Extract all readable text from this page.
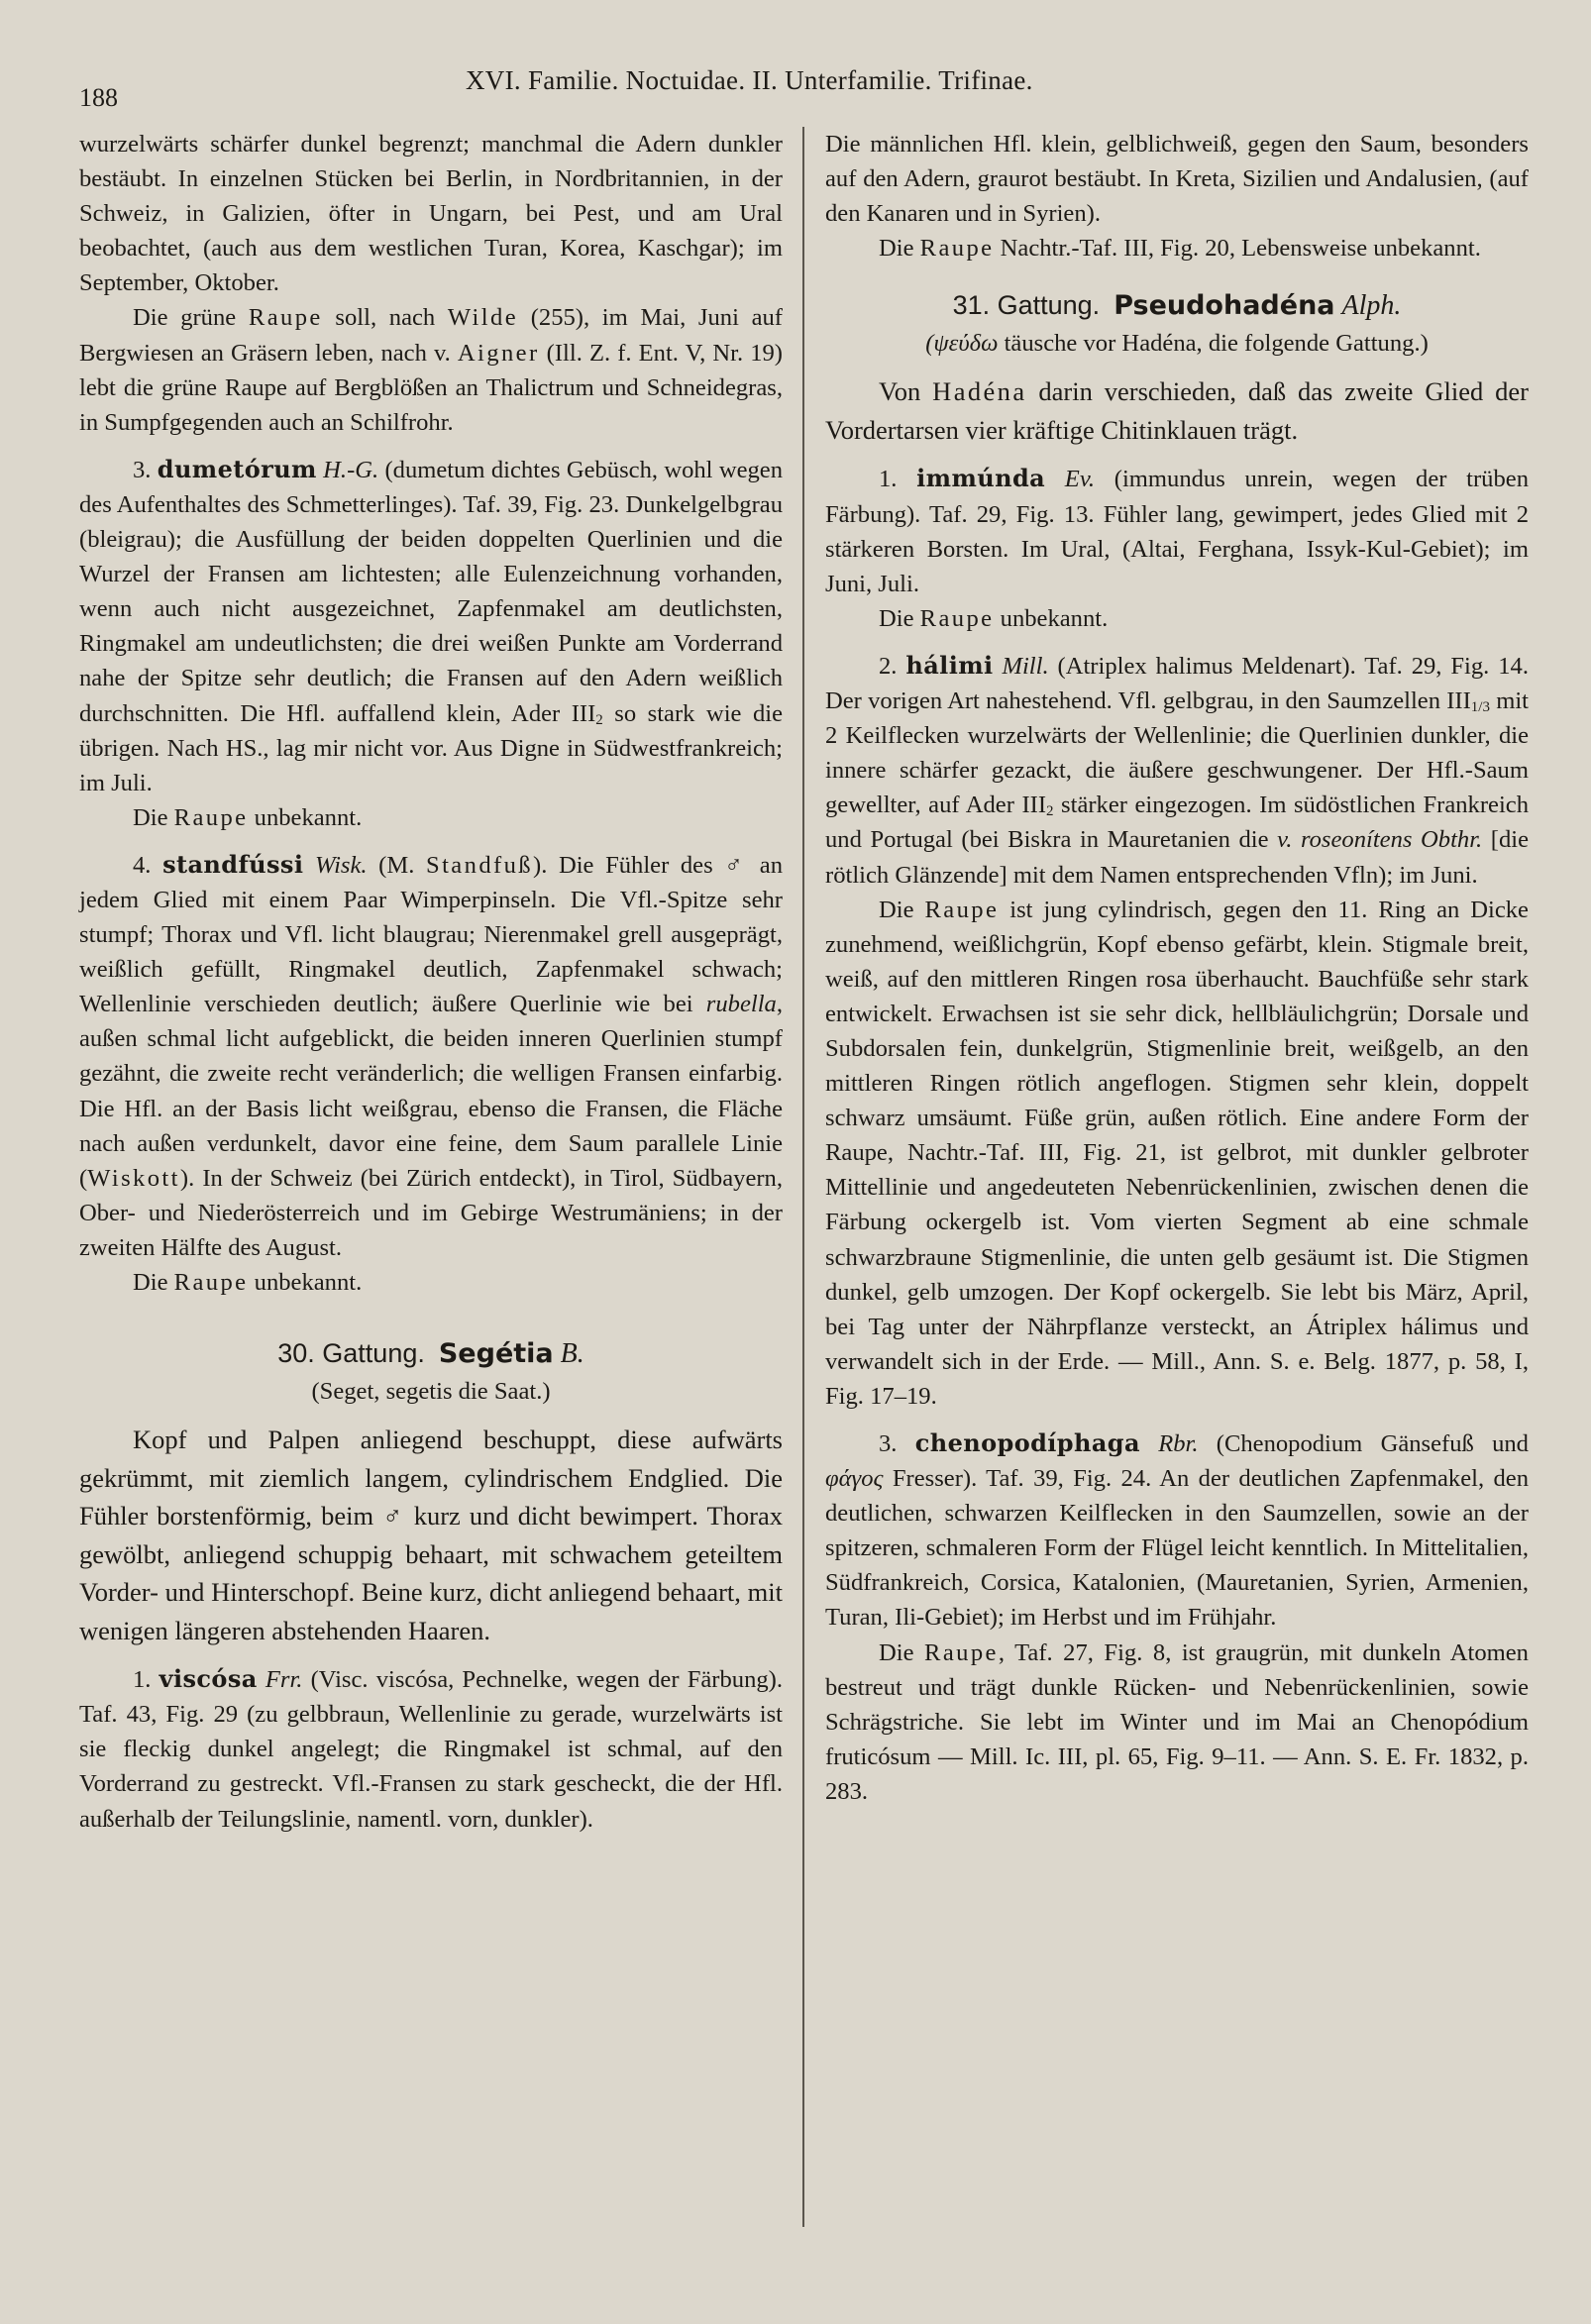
188
XVI. Familie. Noctuidae. II. Unterfamilie. Trifinae.

wurzelwärts schärfer dunkel begrenzt; manchmal die Adern dunkler bestäubt. In einzelnen Stücken bei Berlin, in Nordbritannien, in der Schweiz, in Galizien, öfter in Ungarn, bei Pest, und am Ural beobachtet, (auch aus dem westlichen Turan, Korea, Kaschgar); im September, Oktober.

Die grüne Raupe soll, nach Wilde (255), im Mai, Juni auf Bergwiesen an Gräsern leben, nach v. Aigner (Ill. Z. f. Ent. V, Nr. 19) lebt die grüne Raupe auf Bergblößen an Thalictrum und Schneidegras, in Sumpfgegenden auch an Schilfrohr.

3. dumetórum H.-G. (dumetum dichtes Gebüsch, wohl wegen des Aufenthaltes des Schmetterlinges). Taf. 39, Fig. 23. Dunkelgelbgrau (bleigrau); die Ausfüllung der beiden doppelten Querlinien und die Wurzel der Fransen am lichtesten; alle Eulenzeichnung vorhanden, wenn auch nicht ausgezeichnet, Zapfenmakel am deutlichsten, Ringmakel am undeutlichsten; die drei weißen Punkte am Vorderrand nahe der Spitze sehr deutlich; die Fransen auf den Adern weißlich durchschnitten. Die Hfl. auffallend klein, Ader $III_2$ so stark wie die übrigen. Nach HS., lag mir nicht vor. Aus Digne in Südwestfrankreich; im Juli.

Die Raupe unbekannt.

4. standfússi Wisk. (M. Standfuß). Die Fühler des ♂ an jedem Glied mit einem Paar Wimperpinseln. Die Vfl.-Spitze sehr stumpf; Thorax und Vfl. licht blaugrau; Nierenmakel grell ausgeprägt, weißlich gefüllt, Ringmakel deutlich, Zapfenmakel schwach; Wellenlinie verschieden deutlich; äußere Querlinie wie bei rubella, außen schmal licht aufgeblickt, die beiden inneren Querlinien stumpf gezähnt, die zweite recht veränderlich; die welligen Fransen einfarbig. Die Hfl. an der Basis licht weißgrau, ebenso die Fransen, die Fläche nach außen verdunkelt, davor eine feine, dem Saum parallele Linie (Wiskott). In der Schweiz (bei Zürich entdeckt), in Tirol, Südbayern, Ober- und Niederösterreich und im Gebirge Westrumäniens; in der zweiten Hälfte des August.

Die Raupe unbekannt.

30. Gattung. Segétia B.

(Seget, segetis die Saat.)

Kopf und Palpen anliegend beschuppt, diese aufwärts gekrümmt, mit ziemlich langem, cylindrischem Endglied. Die Fühler borstenförmig, beim ♂ kurz und dicht bewimpert. Thorax gewölbt, anliegend schuppig behaart, mit schwachem geteiltem Vorder- und Hinterschopf. Beine kurz, dicht anliegend behaart, mit wenigen längeren abstehenden Haaren.

1. viscósa Frr. (Visc. viscósa, Pechnelke, wegen der Färbung). Taf. 43, Fig. 29 (zu gelbbraun, Wellenlinie zu gerade, wurzelwärts ist sie fleckig dunkel angelegt; die Ringmakel ist schmal, auf den Vorderrand zu gestreckt. Vfl.-Fransen zu stark gescheckt, die der Hfl. außerhalb der Teilungslinie, namentl. vorn, dunkler).

Die männlichen Hfl. klein, gelblichweiß, gegen den Saum, besonders auf den Adern, graurot bestäubt. In Kreta, Sizilien und Andalusien, (auf den Kanaren und in Syrien).

Die Raupe Nachtr.-Taf. III, Fig. 20, Lebensweise unbekannt.

31. Gattung. Pseudohadéna Alph.

(ψεύδω täusche vor Hadéna, die folgende Gattung.)

Von Hadéna darin verschieden, daß das zweite Glied der Vordertarsen vier kräftige Chitinklauen trägt.

1. immúnda Ev. (immundus unrein, wegen der trüben Färbung). Taf. 29, Fig. 13. Fühler lang, gewimpert, jedes Glied mit 2 stärkeren Borsten. Im Ural, (Altai, Ferghana, Issyk-Kul-Gebiet); im Juni, Juli.

Die Raupe unbekannt.

2. hálimi Mill. (Atriplex halimus Meldenart). Taf. 29, Fig. 14. Der vorigen Art nahestehend. Vfl. gelbgrau, in den Saumzellen $III_{1/3}$ mit 2 Keilflecken wurzelwärts der Wellenlinie; die Querlinien dunkler, die innere schärfer gezackt, die äußere geschwungener. Der Hfl.-Saum gewellter, auf Ader $III_2$ stärker eingezogen. Im südöstlichen Frankreich und Portugal (bei Biskra in Mauretanien die v. roseonítens Obthr. [die rötlich Glänzende] mit dem Namen entsprechenden Vfln); im Juni.

Die Raupe ist jung cylindrisch, gegen den 11. Ring an Dicke zunehmend, weißlichgrün, Kopf ebenso gefärbt, klein. Stigmale breit, weiß, auf den mittleren Ringen rosa überhaucht. Bauchfüße sehr stark entwickelt. Erwachsen ist sie sehr dick, hellbläulichgrün; Dorsale und Subdorsalen fein, dunkelgrün, Stigmenlinie breit, weißgelb, an den mittleren Ringen rötlich angeflogen. Stigmen sehr klein, doppelt schwarz umsäumt. Füße grün, außen rötlich. Eine andere Form der Raupe, Nachtr.-Taf. III, Fig. 21, ist gelbrot, mit dunkler gelbroter Mittellinie und angedeuteten Nebenrückenlinien, zwischen denen die Färbung ockergelb ist. Vom vierten Segment ab eine schmale schwarzbraune Stigmenlinie, die unten gelb gesäumt ist. Die Stigmen dunkel, gelb umzogen. Der Kopf ockergelb. Sie lebt bis März, April, bei Tag unter der Nährpflanze versteckt, an Átriplex hálimus und verwandelt sich in der Erde. — Mill., Ann. S. e. Belg. 1877, p. 58, I, Fig. 17–19.

3. chenopodíphaga Rbr. (Chenopodium Gänsefuß und φάγος Fresser). Taf. 39, Fig. 24. An der deutlichen Zapfenmakel, den deutlichen, schwarzen Keilflecken in den Saumzellen, sowie an der spitzeren, schmaleren Form der Flügel leicht kenntlich. In Mittelitalien, Südfrankreich, Corsica, Katalonien, (Mauretanien, Syrien, Armenien, Turan, Ili-Gebiet); im Herbst und im Frühjahr.

Die Raupe, Taf. 27, Fig. 8, ist graugrün, mit dunkeln Atomen bestreut und trägt dunkle Rücken- und Nebenrückenlinien, sowie Schrägstriche. Sie lebt im Winter und im Mai an Chenopódium fruticósum — Mill. Ic. III, pl. 65, Fig. 9–11. — Ann. S. E. Fr. 1832, p. 283.
